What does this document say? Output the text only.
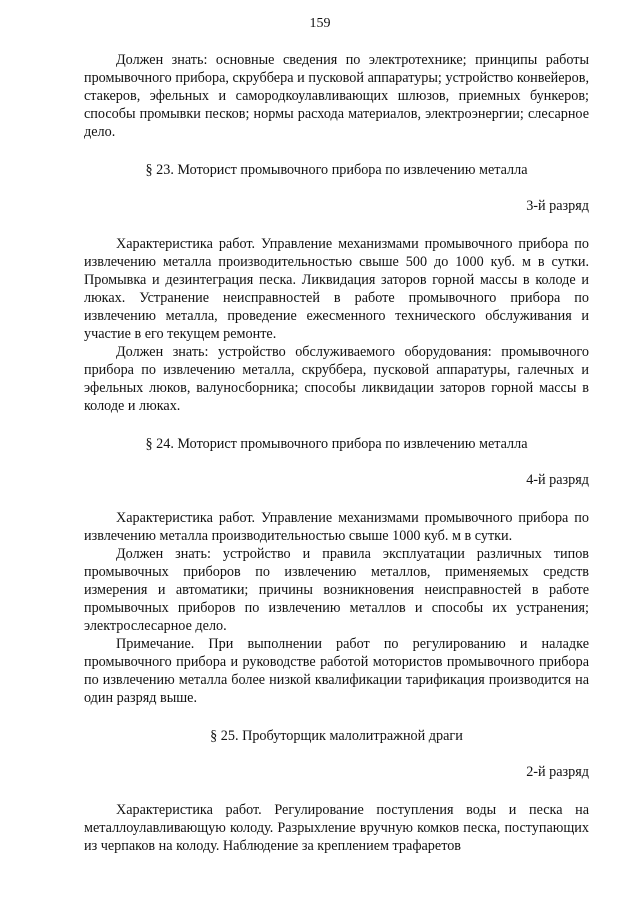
159

Должен знать: основные сведения по электротехнике; принципы работы промывочного прибора, скруббера и пусковой аппаратуры; устройство конвейеров, стакеров, эфельных и самородкоулавливающих шлюзов, приемных бункеров; способы промывки песков; нормы расхода материалов, электроэнергии; слесарное дело.

§ 23. Моторист промывочного прибора по извлечению металла

3-й разряд

Характеристика работ. Управление механизмами промывочного прибора по извлечению металла производительностью свыше 500 до 1000 куб. м в сутки. Промывка и дезинтеграция песка. Ликвидация заторов горной массы в колоде и люках. Устранение неисправностей в работе промывочного прибора по извлечению металла, проведение ежесменного технического обслуживания и участие в его текущем ремонте.

Должен знать: устройство обслуживаемого оборудования: промывочного прибора по извлечению металла, скруббера, пусковой аппаратуры, галечных и эфельных люков, валуносборника; способы ликвидации заторов горной массы в колоде и люках.

§ 24. Моторист промывочного прибора по извлечению металла

4-й разряд

Характеристика работ. Управление механизмами промывочного прибора по извлечению металла производительностью свыше 1000 куб. м в сутки.

Должен знать: устройство и правила эксплуатации различных типов промывочных приборов по извлечению металлов, применяемых средств измерения и автоматики; причины возникновения неисправностей в работе промывочных приборов по извлечению металлов и способы их устранения; электрослесарное дело.

Примечание. При выполнении работ по регулированию и наладке промывочного прибора и руководстве работой мотористов промывочного прибора по извлечению металла более низкой квалификации тарификация производится на один разряд выше.

§ 25. Пробуторщик малолитражной драги

2-й разряд

Характеристика работ. Регулирование поступления воды и песка на металлоулавливающую колоду. Разрыхление вручную комков песка, поступающих из черпаков на колоду. Наблюдение за креплением трафаретов
